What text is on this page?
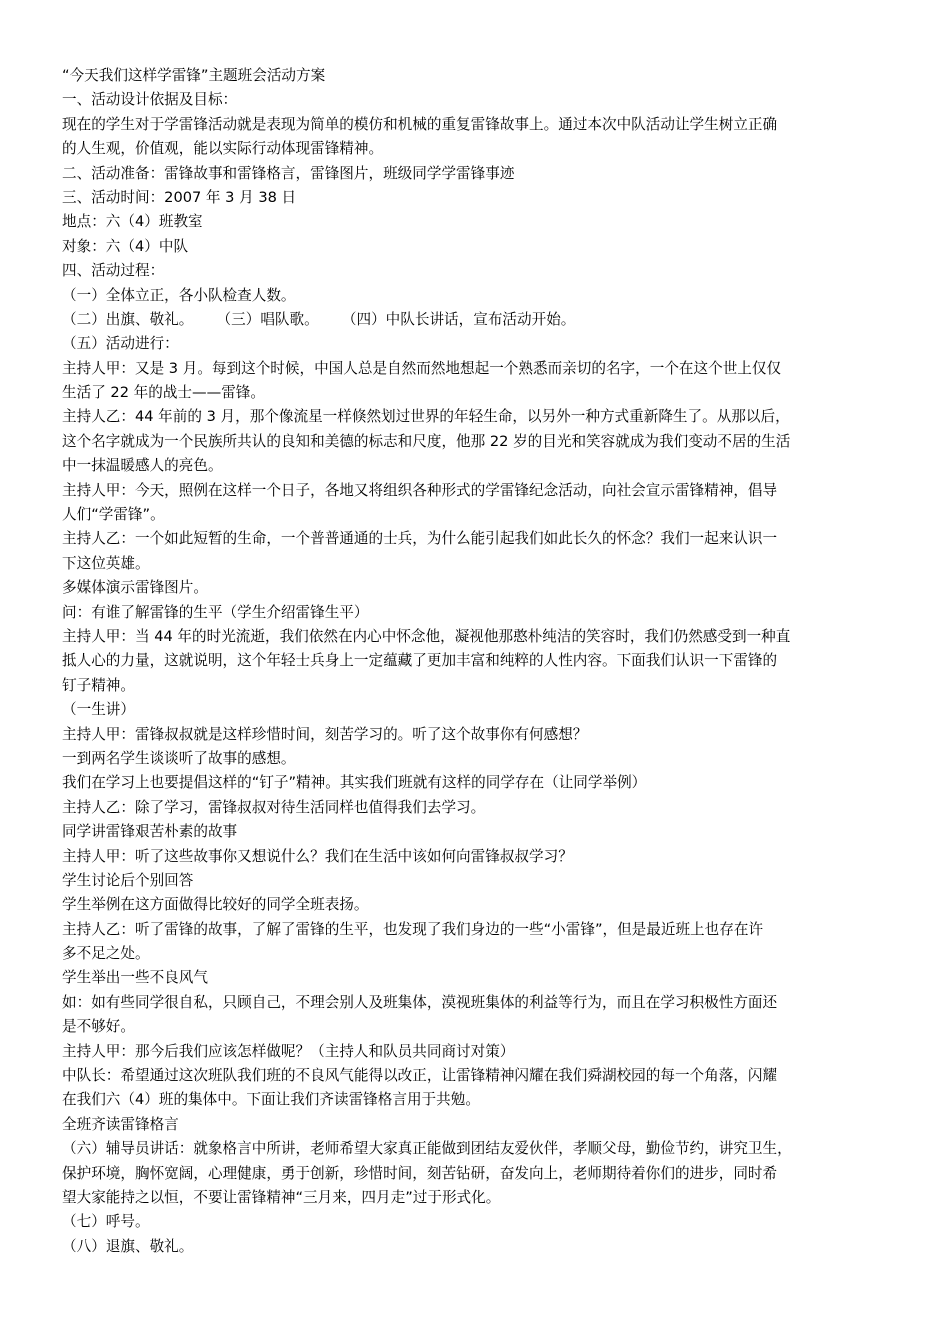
“今天我们这样学雷锋”主题班会活动方案

一、活动设计依据及目标：

现在的学生对于学雷锋活动就是表现为简单的模仿和机械的重复雷锋故事上。通过本次中队活动让学生树立正确

的人生观，价值观，能以实际行动体现雷锋精神。

二、活动准备：雷锋故事和雷锋格言，雷锋图片，班级同学学雷锋事迹

三、活动时间：2007 年 3 月 38 日

地点：六（4）班教室

对象：六（4）中队

四、活动过程：

（一）全体立正，各小队检查人数。

（二）出旗、敬礼。     （三）唱队歌。     （四）中队长讲话，宣布活动开始。

（五）活动进行：

主持人甲：又是 3 月。每到这个时候，中国人总是自然而然地想起一个熟悉而亲切的名字，一个在这个世上仅仅

生活了 22 年的战士——雷锋。

主持人乙：44 年前的 3 月，那个像流星一样倏然划过世界的年轻生命，以另外一种方式重新降生了。从那以后，

这个名字就成为一个民族所共认的良知和美德的标志和尺度，他那 22 岁的目光和笑容就成为我们变动不居的生活

中一抹温暖感人的亮色。

主持人甲：今天，照例在这样一个日子，各地又将组织各种形式的学雷锋纪念活动，向社会宣示雷锋精神，倡导

人们“学雷锋”。

主持人乙：一个如此短暂的生命，一个普普通通的士兵，为什么能引起我们如此长久的怀念？我们一起来认识一

下这位英雄。

多媒体演示雷锋图片。

问：有谁了解雷锋的生平（学生介绍雷锋生平）

主持人甲：当 44 年的时光流逝，我们依然在内心中怀念他，凝视他那憨朴纯洁的笑容时，我们仍然感受到一种直

抵人心的力量，这就说明，这个年轻士兵身上一定蕴藏了更加丰富和纯粹的人性内容。下面我们认识一下雷锋的

钉子精神。

（一生讲）

主持人甲：雷锋叔叔就是这样珍惜时间，刻苦学习的。听了这个故事你有何感想？

一到两名学生谈谈听了故事的感想。

我们在学习上也要提倡这样的“钉子”精神。其实我们班就有这样的同学存在（让同学举例）

主持人乙：除了学习，雷锋叔叔对待生活同样也值得我们去学习。

同学讲雷锋艰苦朴素的故事

主持人甲：听了这些故事你又想说什么？我们在生活中该如何向雷锋叔叔学习？

学生讨论后个别回答

学生举例在这方面做得比较好的同学全班表扬。

主持人乙：听了雷锋的故事，了解了雷锋的生平，也发现了我们身边的一些“小雷锋”，但是最近班上也存在许

多不足之处。

学生举出一些不良风气

如：如有些同学很自私，只顾自己，不理会别人及班集体，漠视班集体的利益等行为，而且在学习积极性方面还

是不够好。

主持人甲：那今后我们应该怎样做呢？（主持人和队员共同商讨对策）

中队长：希望通过这次班队我们班的不良风气能得以改正，让雷锋精神闪耀在我们舜湖校园的每一个角落，闪耀

在我们六（4）班的集体中。下面让我们齐读雷锋格言用于共勉。

全班齐读雷锋格言

（六）辅导员讲话：就象格言中所讲，老师希望大家真正能做到团结友爱伙伴，孝顺父母，勤俭节约，讲究卫生，

保护环境，胸怀宽阔，心理健康，勇于创新，珍惜时间，刻苦钻研，奋发向上，老师期待着你们的进步，同时希

望大家能持之以恒，不要让雷锋精神“三月来，四月走”过于形式化。

（七）呼号。

（八）退旗、敬礼。
